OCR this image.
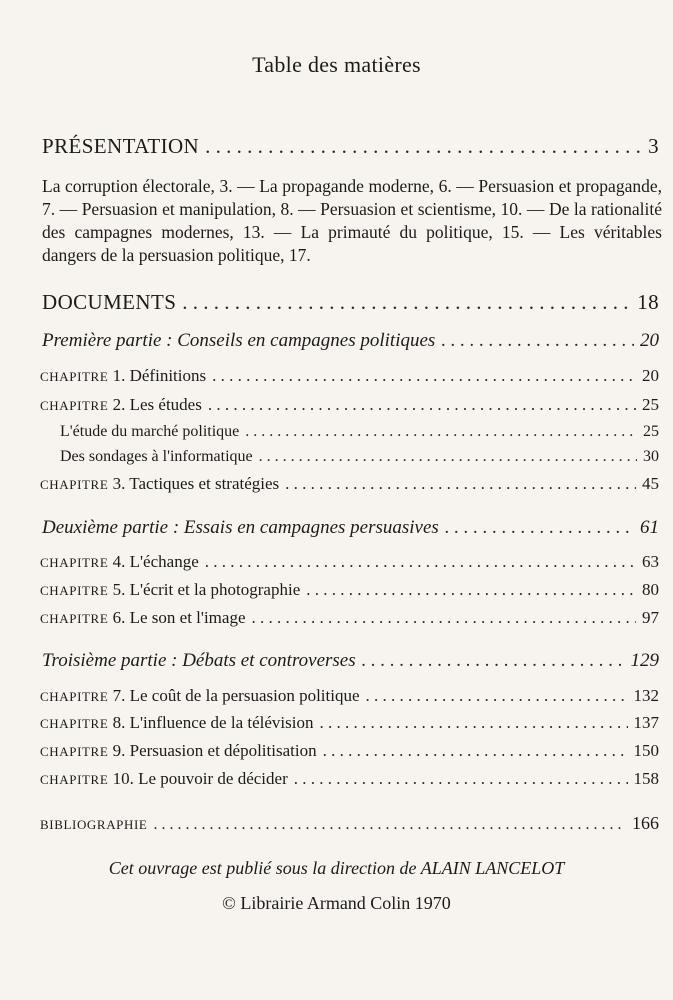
Table des matières
PRÉSENTATION . . .	3
La corruption électorale, 3. — La propagande moderne, 6. — Persuasion et propagande, 7. — Persuasion et manipulation, 8. — Persuasion et scientisme, 10. — De la rationalité des campagnes modernes, 13. — La primauté du politique, 15. — Les véritables dangers de la persuasion politique, 17.
DOCUMENTS . . .	18
Première partie : Conseils en campagnes politiques . . .	20
CHAPITRE 1. Définitions . . .	20
CHAPITRE 2. Les études . . .	25
L'étude du marché politique . . .	25
Des sondages à l'informatique . . .	30
CHAPITRE 3. Tactiques et stratégies . . .	45
Deuxième partie : Essais en campagnes persuasives . . .	61
CHAPITRE 4. L'échange . . .	63
CHAPITRE 5. L'écrit et la photographie . . .	80
CHAPITRE 6. Le son et l'image . . .	97
Troisième partie : Débats et controverses . . .	129
CHAPITRE 7. Le coût de la persuasion politique . . .	132
CHAPITRE 8. L'influence de la télévision . . .	137
CHAPITRE 9. Persuasion et dépolitisation . . .	150
CHAPITRE 10. Le pouvoir de décider . . .	158
BIBLIOGRAPHIE . . .	166
Cet ouvrage est publié sous la direction de ALAIN LANCELOT
© Librairie Armand Colin 1970
